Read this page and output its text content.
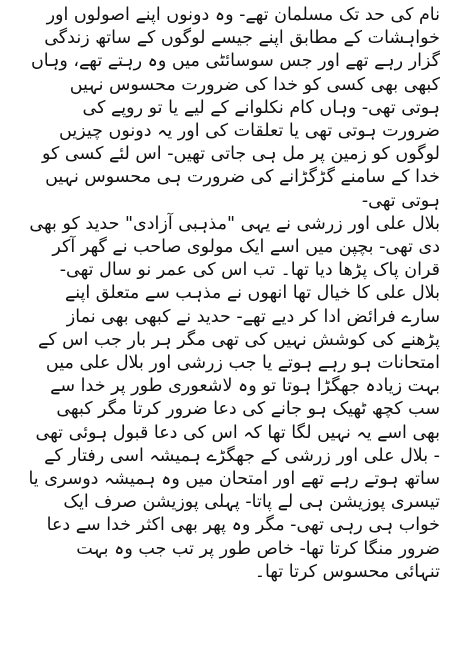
نام کی حد تک مسلمان تھے- وہ دونوں اپنے اصولوں اور
خواہشات کے مطابق اپنے جیسے لوگوں کے ساتھ زندگی
گزار رہے تھے اور جس سوسائٹی میں وہ رہتے تھے، وہاں
کبھی بھی کسی کو خدا کی ضرورت محسوس نہیں
ہوتی تھی- وہاں کام نکلوانے کے لیے یا تو روپے کی
ضرورت ہوتی تھی یا تعلقات کی اور یہ دونوں چیزیں
لوگوں کو زمین پر مل ہی جاتی تھیں- اس لئے کسی کو
خدا کے سامنے گڑگڑانے کی ضرورت ہی محسوس نہیں
ہوتی تھی-
بلال علی اور زرشی نے یہی "مذہبی آزادی" حدید کو بھی
دی تھی- بچپن میں اسے ایک مولوی صاحب نے گھر آکر
قران پاک پڑھا دیا تھا۔ تب اس کی عمر نو سال تھی-
بلال علی کا خیال تھا انھوں نے مذہب سے متعلق اپنے
سارے فرائض ادا کر دیے تھے- حدید نے کبھی بھی نماز
پڑھنے کی کوشش نہیں کی تھی مگر ہر بار جب اس کے
امتحانات ہو رہے ہوتے یا جب زرشی اور بلال علی میں
بہت زیادہ جھگڑا ہوتا تو وہ لاشعوری طور پر خدا سے
سب کچھ ٹھیک ہو جانے کی دعا ضرور کرتا مگر کبھی
بھی اسے یہ نہیں لگا تھا کہ اس کی دعا قبول ہوئی تھی
- بلال علی اور زرشی کے جھگڑے ہمیشہ اسی رفتار کے
ساتھ ہوتے رہے تھے اور امتحان میں وہ ہمیشہ دوسری یا
تیسری پوزیشن ہی لے پاتا- پہلی پوزیشن صرف ایک
خواب ہی رہی تھی- مگر وہ پھر بھی اکثر خدا سے دعا
ضرور منگا کرتا تھا- خاص طور پر تب جب وہ بہت
تنہائی محسوس کرتا تھا۔
